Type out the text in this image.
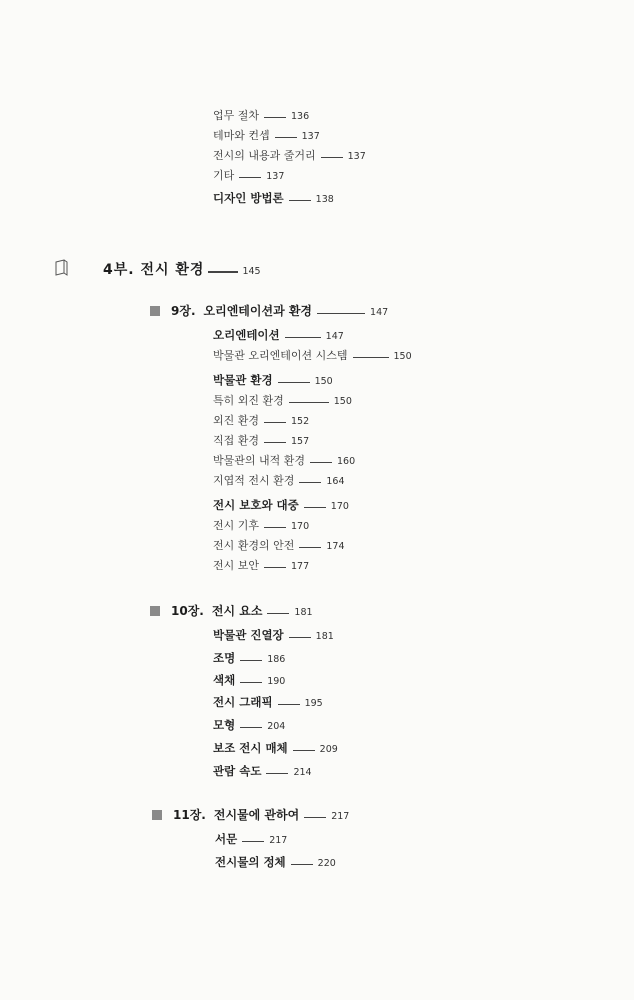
업무 절차	136
테마와 컨셉	137
전시의 내용과 줄거리	137
기타	137
디자인 방법론	138
4부. 전시 환경	145
9장. 오리엔테이션과 환경	147
오리엔테이션	147
박물관 오리엔테이션 시스템	150
박물관 환경	150
특히 외진 환경	150
외진 환경	152
직접 환경	157
박물관의 내적 환경	160
지엽적 전시 환경	164
전시 보호와 대중	170
전시 기후	170
전시 환경의 안전	174
전시 보안	177
10장. 전시 요소	181
박물관 진열장	181
조명	186
색채	190
전시 그래픽	195
모형	204
보조 전시 매체	209
관람 속도	214
11장. 전시물에 관하여	217
서문	217
전시물의 정체	220
